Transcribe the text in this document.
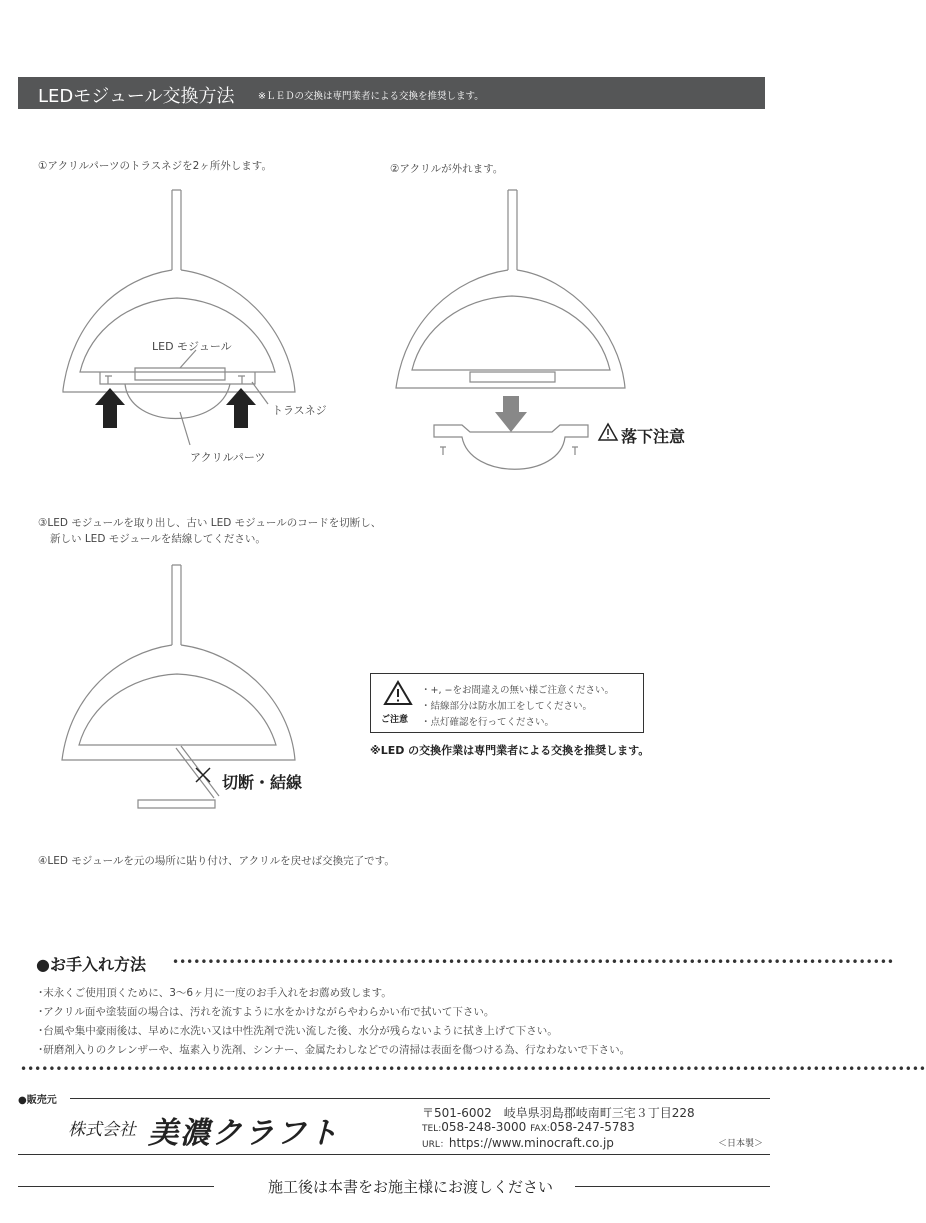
LEDモジュール交換方法 ※ＬＥＤの交換は専門業者による交換を推奨します。
①アクリルパーツのトラスネジを2ヶ所外します。	②アクリルが外れます。
③LED モジュールを取り出し、古い LED モジュールのコードを切断し、
新しい LED モジュールを結線してください。
④LED モジュールを元の場所に貼り付け、アクリルを戻せば交換完了です。
LED モジュール
トラスネジ
アクリルパーツ
落下注意
切断・結線
ご注意
・+, −をお間違えの無い様ご注意ください。
・結線部分は防水加工をしてください。
・点灯確認を行ってください。
※LED の交換作業は専門業者による交換を推奨します。
●お手入れ方法 ••••••••••••••••••••••••••••••••••••••••••••••••••••••••••••••••••••••••••••••••••••••••••••••••••••••
･末永くご使用頂くために、3〜6ヶ月に一度のお手入れをお薦め致します。
･アクリル面や塗装面の場合は、汚れを流すように水をかけながらやわらかい布で拭いて下さい。
･台風や集中豪雨後は、早めに水洗い又は中性洗剤で洗い流した後、水分が残らないように拭き上げて下さい。
･研磨剤入りのクレンザーや、塩素入り洗剤、シンナー、金属たわしなどでの清掃は表面を傷つける為、行なわないで下さい。
••••••••••••••••••••••••••••••••••••••••••••••••••••••••••••••••••••••••••••••••••••••••••••••••••••••••••••••••••••••••••••••••
●販売元
株式会社 美濃クラフト
〒501-6002　岐阜県羽島郡岐南町三宅３丁目228
TEL:058-248-3000 FAX:058-247-5783
URL：https://www.minocraft.co.jp	＜日本製＞
施工後は本書をお施主様にお渡しください
